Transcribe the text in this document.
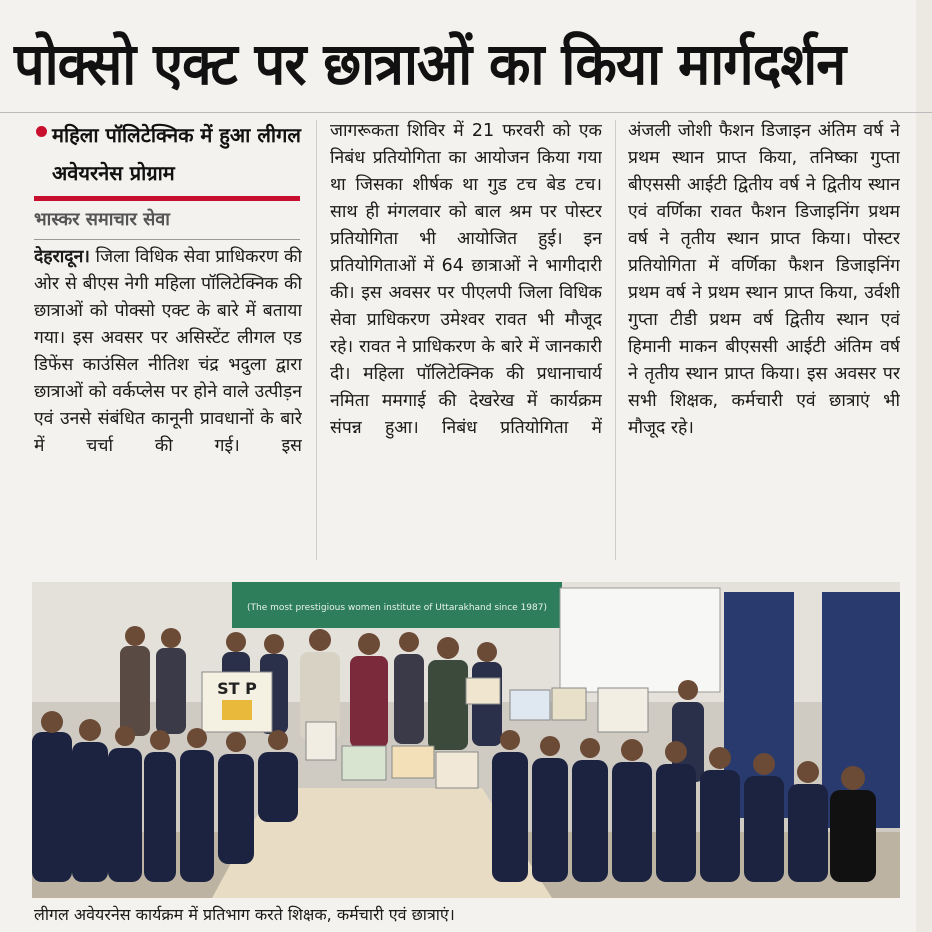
पोक्सो एक्ट पर छात्राओं का किया मार्गदर्शन
महिला पॉलिटेक्निक में हुआ लीगल अवेयरनेस प्रोग्राम
भास्कर समाचार सेवा

देहरादून। जिला विधिक सेवा प्राधिकरण की ओर से बीएस नेगी महिला पॉलिटेक्निक की छात्राओं को पोक्सो एक्ट के बारे में बताया गया। इस अवसर पर असिस्टेंट लीगल एड डिफेंस काउंसिल नीतिश चंद्र भदुला द्वारा छात्राओं को वर्कप्लेस पर होने वाले उत्पीड़न एवं उनसे संबंधित कानूनी प्रावधानों के बारे में चर्चा की गई। इस

जागरूकता शिविर में 21 फरवरी को एक निबंध प्रतियोगिता का आयोजन किया गया था जिसका शीर्षक था गुड टच बेड टच। साथ ही मंगलवार को बाल श्रम पर पोस्टर प्रतियोगिता भी आयोजित हुई। इन प्रतियोगिताओं में 64 छात्राओं ने भागीदारी की। इस अवसर पर पीएलपी जिला विधिक सेवा प्राधिकरण उमेश्वर रावत भी मौजूद रहे। रावत ने प्राधिकरण के बारे में जानकारी दी। महिला पॉलिटेक्निक की प्रधानाचार्य नमिता ममगाई की देखरेख में कार्यक्रम संपन्न हुआ। निबंध प्रतियोगिता में

अंजली जोशी फैशन डिजाइन अंतिम वर्ष ने प्रथम स्थान प्राप्त किया, तनिष्का गुप्ता बीएससी आईटी द्वितीय वर्ष ने द्वितीय स्थान एवं वर्णिका रावत फैशन डिजाइनिंग प्रथम वर्ष ने तृतीय स्थान प्राप्त किया। पोस्टर प्रतियोगिता में वर्णिका फैशन डिजाइनिंग प्रथम वर्ष ने प्रथम स्थान प्राप्त किया, उर्वशी गुप्ता टीडी प्रथम वर्ष द्वितीय स्थान एवं हिमानी माकन बीएससी आईटी अंतिम वर्ष ने तृतीय स्थान प्राप्त किया। इस अवसर पर सभी शिक्षक, कर्मचारी एवं छात्राएं भी मौजूद रहे।

(The most prestigious women institute of Uttarakhand since 1987)
ST P
लीगल अवेयरनेस कार्यक्रम में प्रतिभाग करते शिक्षक, कर्मचारी एवं छात्राएं।
